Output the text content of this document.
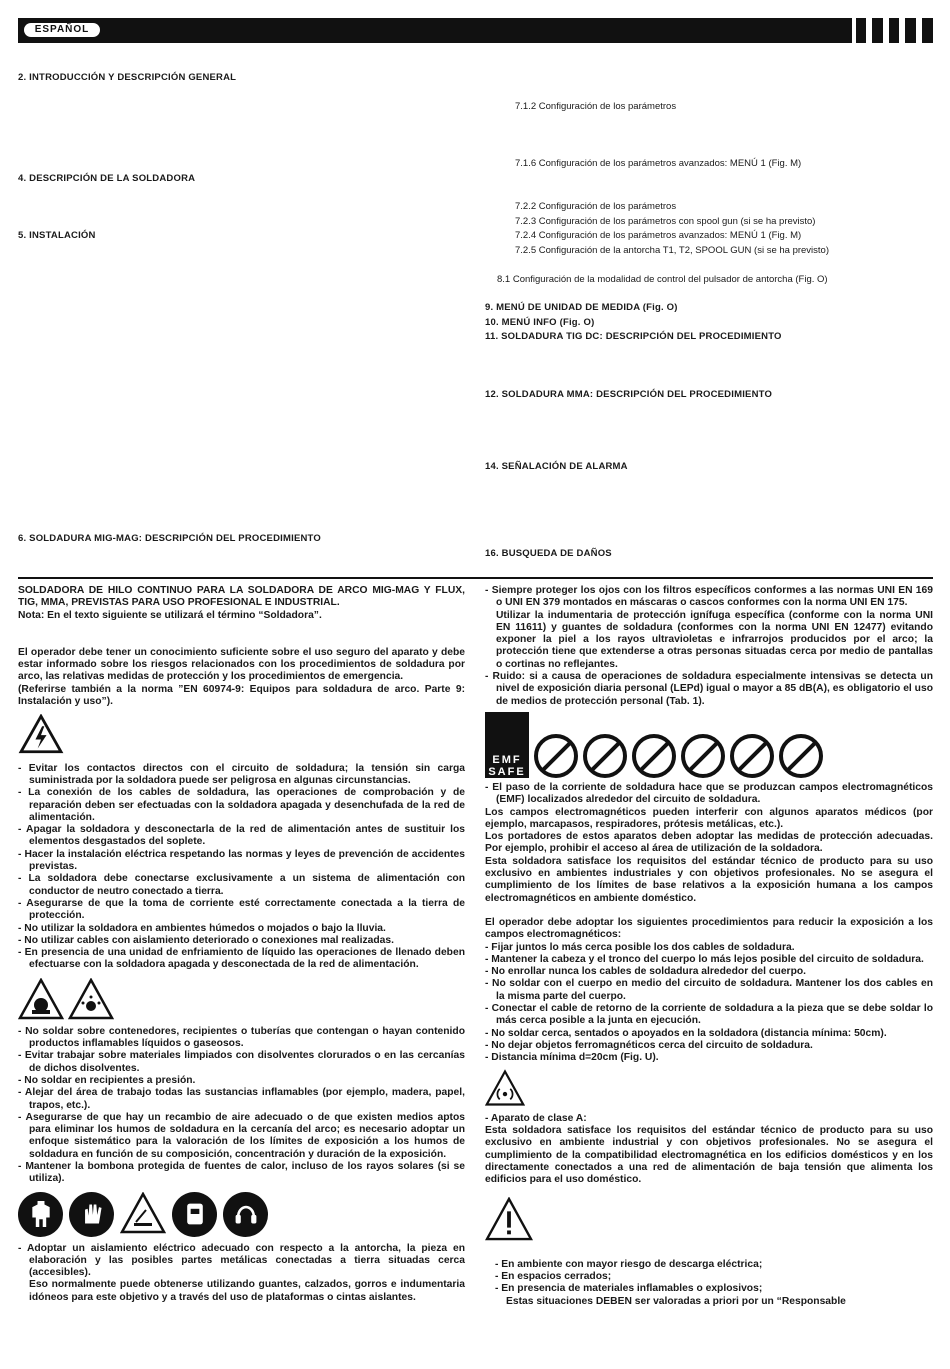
ESPAÑOL
2. INTRODUCCIÓN Y DESCRIPCIÓN GENERAL
4. DESCRIPCIÓN DE LA SOLDADORA
5. INSTALACIÓN
6. SOLDADURA MIG-MAG: DESCRIPCIÓN DEL PROCEDIMIENTO
7.1.2 Configuración de los parámetros
7.1.6 Configuración de los parámetros avanzados: MENÚ 1 (Fig. M)
7.2.2 Configuración de los parámetros
7.2.3 Configuración de los parámetros con spool gun (si se ha previsto)
7.2.4 Configuración de los parámetros avanzados: MENÚ 1 (Fig. M)
7.2.5 Configuración de la antorcha T1, T2, SPOOL GUN (si se ha previsto)
8.1 Configuración de la modalidad de control del pulsador de antorcha (Fig. O)
9. MENÚ DE UNIDAD DE MEDIDA (Fig. O)
10. MENÚ INFO (Fig. O)
11. SOLDADURA TIG DC: DESCRIPCIÓN DEL PROCEDIMIENTO
12. SOLDADURA MMA: DESCRIPCIÓN DEL PROCEDIMIENTO
14. SEÑALACIÓN DE ALARMA
16. BUSQUEDA DE DAÑOS

SOLDADORA DE HILO CONTINUO PARA LA SOLDADORA DE ARCO MIG-MAG Y FLUX, TIG, MMA, PREVISTAS PARA USO PROFESIONAL E INDUSTRIAL.

Nota: En el texto siguiente se utilizará el término “Soldadora”.

El operador debe tener un conocimiento suficiente sobre el uso seguro del aparato y debe estar informado sobre los riesgos relacionados con los procedimientos de soldadura por arco, las relativas medidas de protección y los procedimientos de emergencia.

(Referirse también a la norma ”EN 60974-9: Equipos para soldadura de arco. Parte 9: Instalación y uso”).

- Evitar los contactos directos con el circuito de soldadura; la tensión sin carga suministrada por la soldadora puede ser peligrosa en algunas circunstancias.

- La conexión de los cables de soldadura, las operaciones de comprobación y de reparación deben ser efectuadas con la soldadora apagada y desenchufada de la red de alimentación.

- Apagar la soldadora y desconectarla de la red de alimentación antes de sustituir los elementos desgastados del soplete.

- Hacer la instalación eléctrica respetando las normas y leyes de prevención de accidentes previstas.

- La soldadora debe conectarse exclusivamente a un sistema de alimentación con conductor de neutro conectado a tierra.

- Asegurarse de que la toma de corriente esté correctamente conectada a la tierra de protección.

- No utilizar la soldadora en ambientes húmedos o mojados o bajo la lluvia.

- No utilizar cables con aislamiento deteriorado o conexiones mal realizadas.

- En presencia de una unidad de enfriamiento de líquido las operaciones de llenado deben efectuarse con la soldadora apagada y desconectada de la red de alimentación.

- No soldar sobre contenedores, recipientes o tuberías que contengan o hayan contenido productos inflamables líquidos o gaseosos.

- Evitar trabajar sobre materiales limpiados con disolventes clorurados o en las cercanías de dichos disolventes.

- No soldar en recipientes a presión.

- Alejar del área de trabajo todas las sustancias inflamables (por ejemplo, madera, papel, trapos, etc.).

- Asegurarse de que hay un recambio de aire adecuado o de que existen medios aptos para eliminar los humos de soldadura en la cercanía del arco; es necesario adoptar un enfoque sistemático para la valoración de los límites de exposición a los humos de soldadura en función de su composición, concentración y duración de la exposición.

- Mantener la bombona protegida de fuentes de calor, incluso de los rayos solares (si se utiliza).

- Adoptar un aislamiento eléctrico adecuado con respecto a la antorcha, la pieza en elaboración y las posibles partes metálicas conectadas a tierra situadas cerca (accesibles).

Eso normalmente puede obtenerse utilizando guantes, calzados, gorros e indumentaria idóneos para este objetivo y a través del uso de plataformas o cintas aislantes.

- Siempre proteger los ojos con los filtros específicos conformes a las normas UNI EN 169 o UNI EN 379 montados en máscaras o cascos conformes con la norma UNI EN 175.

Utilizar la indumentaria de protección ignífuga específica (conforme con la norma UNI EN 11611) y guantes de soldadura (conformes con la norma UNI EN 12477) evitando exponer la piel a los rayos ultravioletas e infrarrojos producidos por el arco; la protección tiene que extenderse a otras personas situadas cerca por medio de pantallas o cortinas no reflejantes.

- Ruido: si a causa de operaciones de soldadura especialmente intensivas se detecta un nivel de exposición diaria personal (LEPd) igual o mayor a 85 dB(A), es obligatorio el uso de medios de protección personal (Tab. 1).

EMF
SAFE

- El paso de la corriente de soldadura hace que se produzcan campos electromagnéticos (EMF) localizados alrededor del circuito de soldadura.

Los campos electromagnéticos pueden interferir con algunos aparatos médicos (por ejemplo, marcapasos, respiradores, prótesis metálicas, etc.).

Los portadores de estos aparatos deben adoptar las medidas de protección adecuadas. Por ejemplo, prohibir el acceso al área de utilización de la soldadora.

Esta soldadora satisface los requisitos del estándar técnico de producto para su uso exclusivo en ambientes industriales y con objetivos profesionales. No se asegura el cumplimiento de los límites de base relativos a la exposición humana a los campos electromagnéticos en ambiente doméstico.

El operador debe adoptar los siguientes procedimientos para reducir la exposición a los campos electromagnéticos:

- Fijar juntos lo más cerca posible los dos cables de soldadura.

- Mantener la cabeza y el tronco del cuerpo lo más lejos posible del circuito de soldadura.

- No enrollar nunca los cables de soldadura alrededor del cuerpo.

- No soldar con el cuerpo en medio del circuito de soldadura. Mantener los dos cables en la misma parte del cuerpo.

- Conectar el cable de retorno de la corriente de soldadura a la pieza que se debe soldar lo más cerca posible a la junta en ejecución.

- No soldar cerca, sentados o apoyados en la soldadora (distancia mínima: 50cm).

- No dejar objetos ferromagnéticos cerca del circuito de soldadura.

- Distancia mínima d=20cm (Fig. U).

- Aparato de clase A:

Esta soldadora satisface los requisitos del estándar técnico de producto para su uso exclusivo en ambiente industrial y con objetivos profesionales. No se asegura el cumplimiento de la compatibilidad electromagnética en los edificios domésticos y en los directamente conectados a una red de alimentación de baja tensión que alimenta los edificios para el uso doméstico.

- En ambiente con mayor riesgo de descarga eléctrica;

- En espacios cerrados;

- En presencia de materiales inflamables o explosivos;

Estas situaciones DEBEN ser valoradas a priori por un “Responsable
